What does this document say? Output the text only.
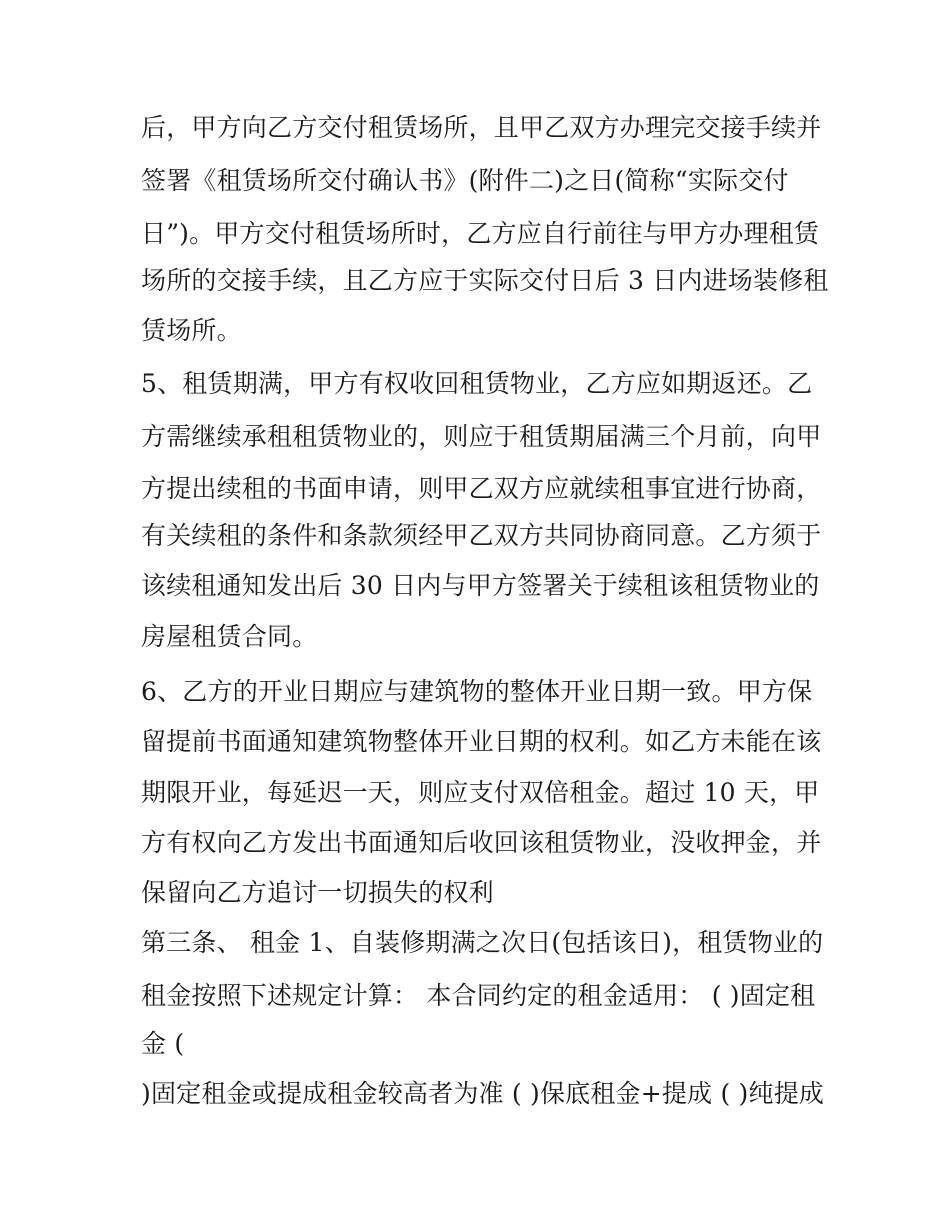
后，甲方向乙方交付租赁场所，且甲乙双方办理完交接手续并
签署《租赁场所交付确认书》(附件二)之日(简称“实际交付
日”)。甲方交付租赁场所时，乙方应自行前往与甲方办理租赁
场所的交接手续，且乙方应于实际交付日后 3 日内进场装修租
赁场所。
5、租赁期满，甲方有权收回租赁物业，乙方应如期返还。乙
方需继续承租租赁物业的，则应于租赁期届满三个月前，向甲
方提出续租的书面申请，则甲乙双方应就续租事宜进行协商，
有关续租的条件和条款须经甲乙双方共同协商同意。乙方须于
该续租通知发出后 30 日内与甲方签署关于续租该租赁物业的
房屋租赁合同。
6、乙方的开业日期应与建筑物的整体开业日期一致。甲方保
留提前书面通知建筑物整体开业日期的权利。如乙方未能在该
期限开业，每延迟一天，则应支付双倍租金。超过 10 天，甲
方有权向乙方发出书面通知后收回该租赁物业，没收押金，并
保留向乙方追讨一切损失的权利
第三条、 租金 1、自装修期满之次日(包括该日)，租赁物业的
租金按照下述规定计算： 本合同约定的租金适用： ( )固定租
金 (
)固定租金或提成租金较高者为准 ( )保底租金+提成 ( )纯提成
